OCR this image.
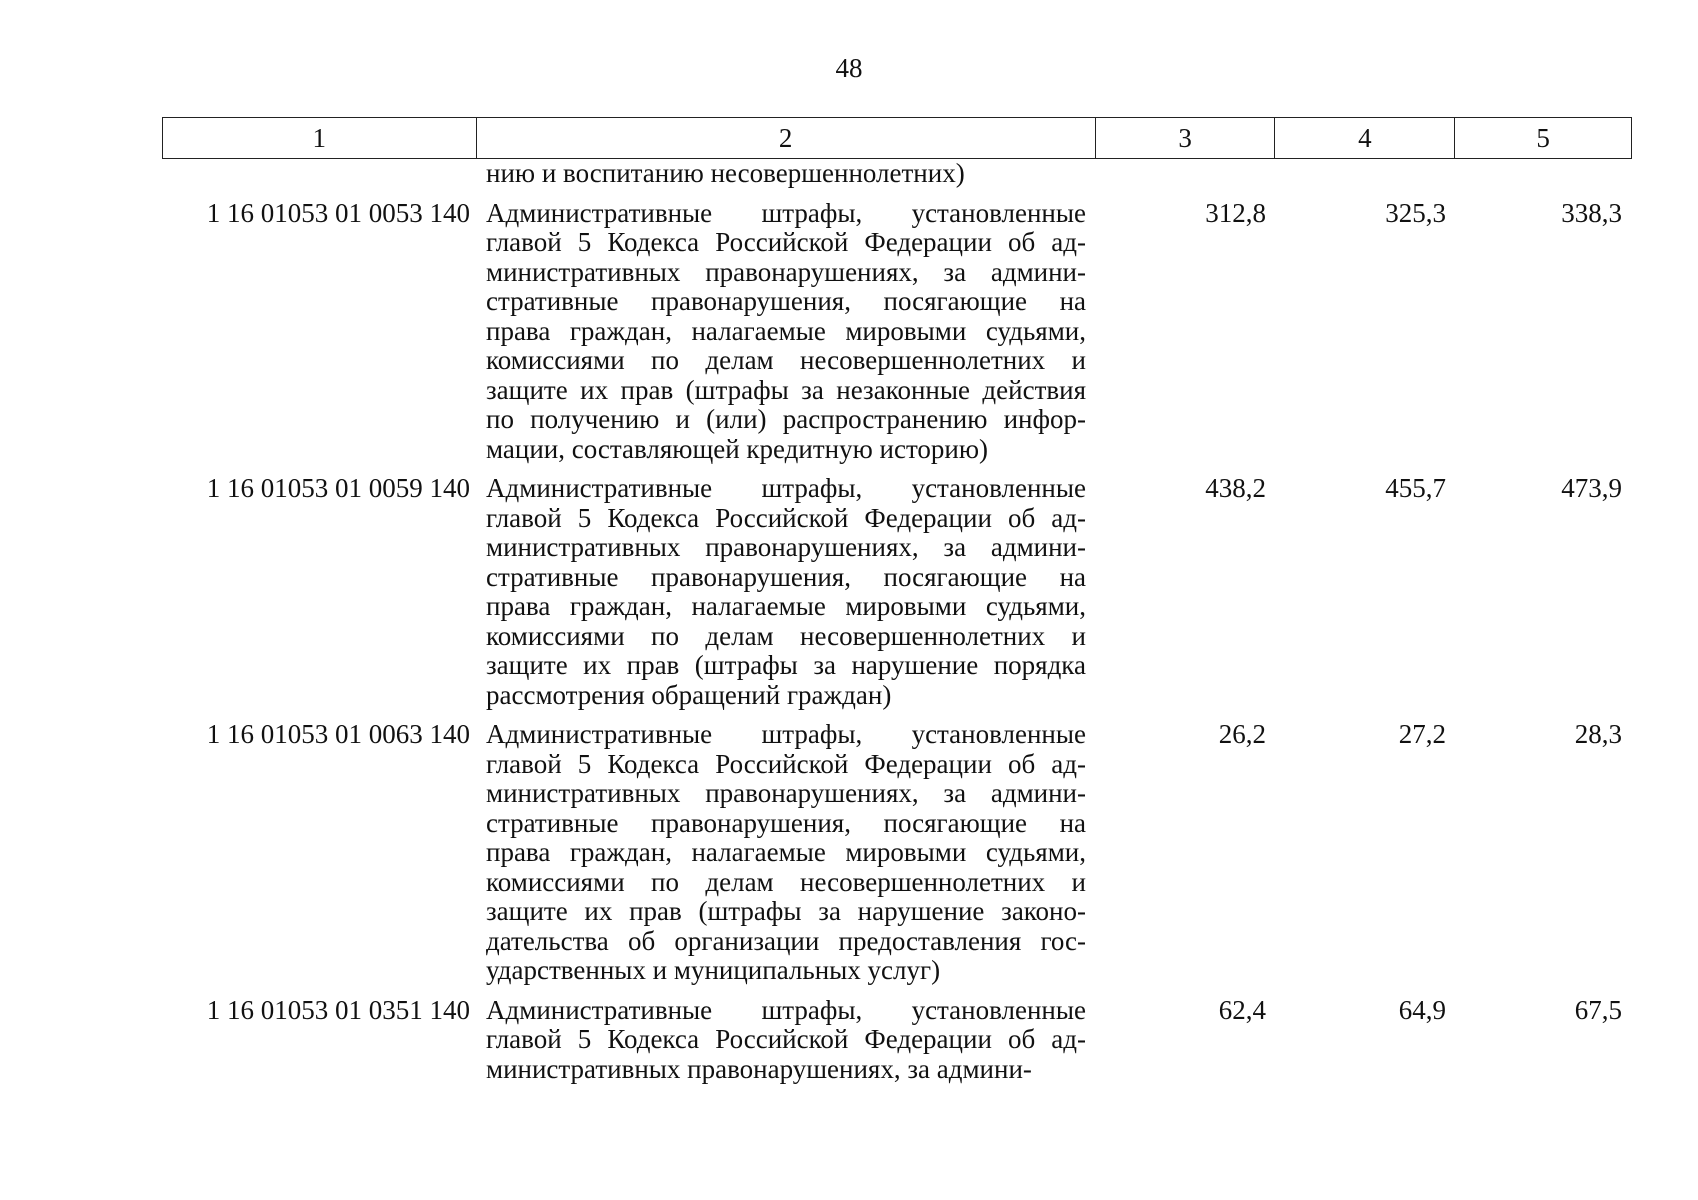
48
1	2	3	4	5
нию и воспитанию несовершеннолетних)
1 16 01053 01 0053 140 Административные штрафы, установленные
главой 5 Кодекса Российской Федерации об ад-
министративных правонарушениях, за админи-
стративные правонарушения, посягающие на
права граждан, налагаемые мировыми судьями,
комиссиями по делам несовершеннолетних и
защите их прав (штрафы за незаконные действия
по получению и (или) распространению инфор-
мации, составляющей кредитную историю)
312,8	325,3	338,3
1 16 01053 01 0059 140 Административные штрафы, установленные
главой 5 Кодекса Российской Федерации об ад-
министративных правонарушениях, за админи-
стративные правонарушения, посягающие на
права граждан, налагаемые мировыми судьями,
комиссиями по делам несовершеннолетних и
защите их прав (штрафы за нарушение порядка
рассмотрения обращений граждан)
438,2	455,7	473,9
1 16 01053 01 0063 140 Административные штрафы, установленные
главой 5 Кодекса Российской Федерации об ад-
министративных правонарушениях, за админи-
стративные правонарушения, посягающие на
права граждан, налагаемые мировыми судьями,
комиссиями по делам несовершеннолетних и
защите их прав (штрафы за нарушение законо-
дательства об организации предоставления гос-
ударственных и муниципальных услуг)
26,2	27,2	28,3
1 16 01053 01 0351 140 Административные штрафы, установленные
главой 5 Кодекса Российской Федерации об ад-
министративных правонарушениях, за админи-
62,4	64,9	67,5
